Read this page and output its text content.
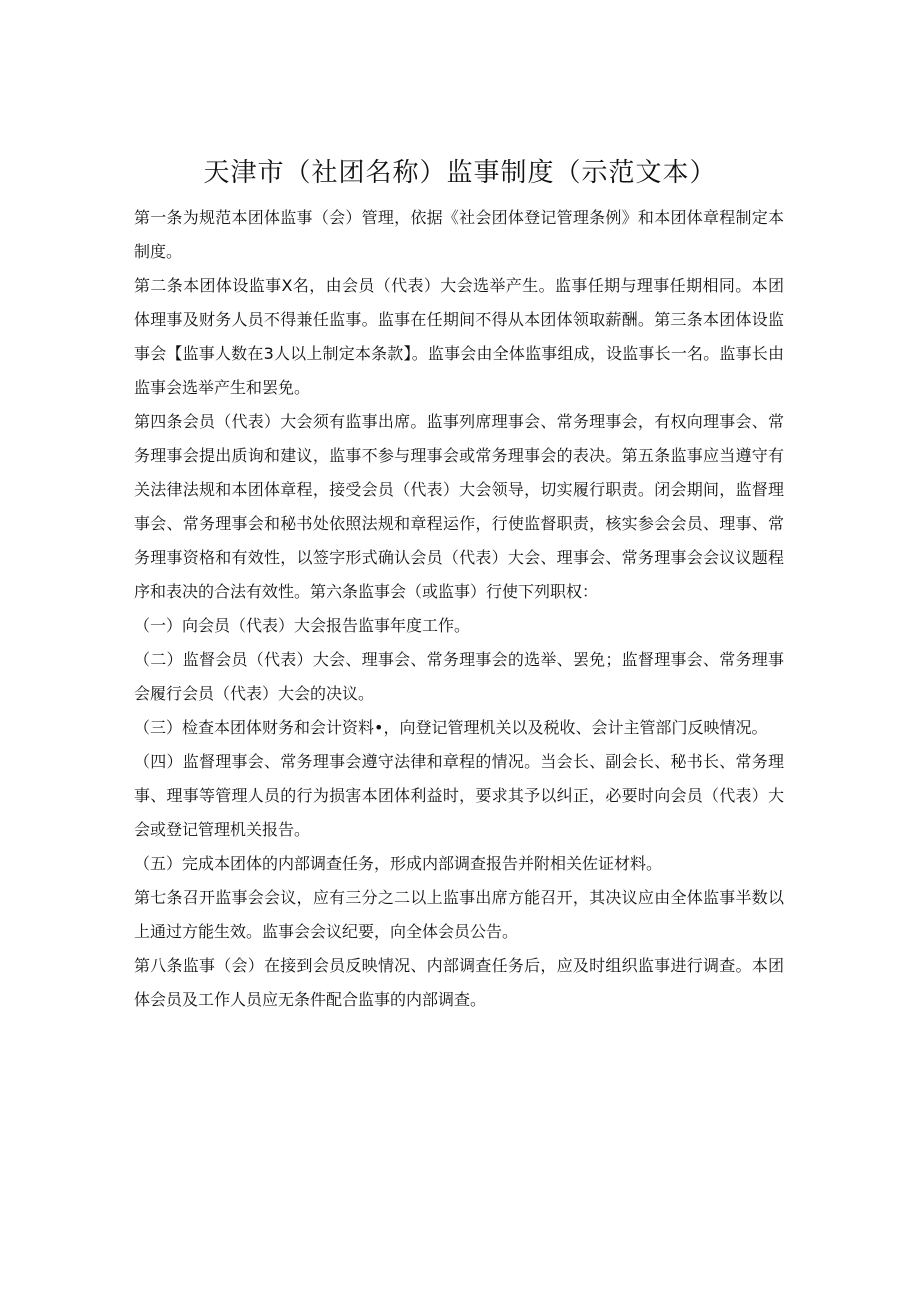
天津市（社团名称）监事制度（示范文本）

第一条为规范本团体监事（会）管理，依据《社会团体登记管理条例》和本团体章程制定本制度。

第二条本团体设监事X名，由会员（代表）大会选举产生。监事任期与理事任期相同。本团体理事及财务人员不得兼任监事。监事在任期间不得从本团体领取薪酬。第三条本团体设监事会【监事人数在3人以上制定本条款】。监事会由全体监事组成，设监事长一名。监事长由监事会选举产生和罢免。

第四条会员（代表）大会须有监事出席。监事列席理事会、常务理事会，有权向理事会、常务理事会提出质询和建议，监事不参与理事会或常务理事会的表决。第五条监事应当遵守有关法律法规和本团体章程，接受会员（代表）大会领导，切实履行职责。闭会期间，监督理事会、常务理事会和秘书处依照法规和章程运作，行使监督职责，核实参会会员、理事、常务理事资格和有效性，以签字形式确认会员（代表）大会、理事会、常务理事会会议议题程序和表决的合法有效性。第六条监事会（或监事）行使下列职权：

（一）向会员（代表）大会报告监事年度工作。

（二）监督会员（代表）大会、理事会、常务理事会的选举、罢免；监督理事会、常务理事会履行会员（代表）大会的决议。

（三）检查本团体财务和会计资料•，向登记管理机关以及税收、会计主管部门反映情况。

（四）监督理事会、常务理事会遵守法律和章程的情况。当会长、副会长、秘书长、常务理事、理事等管理人员的行为损害本团体利益时，要求其予以纠正，必要时向会员（代表）大会或登记管理机关报告。

（五）完成本团体的内部调查任务，形成内部调查报告并附相关佐证材料。

第七条召开监事会会议，应有三分之二以上监事出席方能召开，其决议应由全体监事半数以上通过方能生效。监事会会议纪要，向全体会员公告。

第八条监事（会）在接到会员反映情况、内部调查任务后，应及时组织监事进行调查。本团体会员及工作人员应无条件配合监事的内部调查。
